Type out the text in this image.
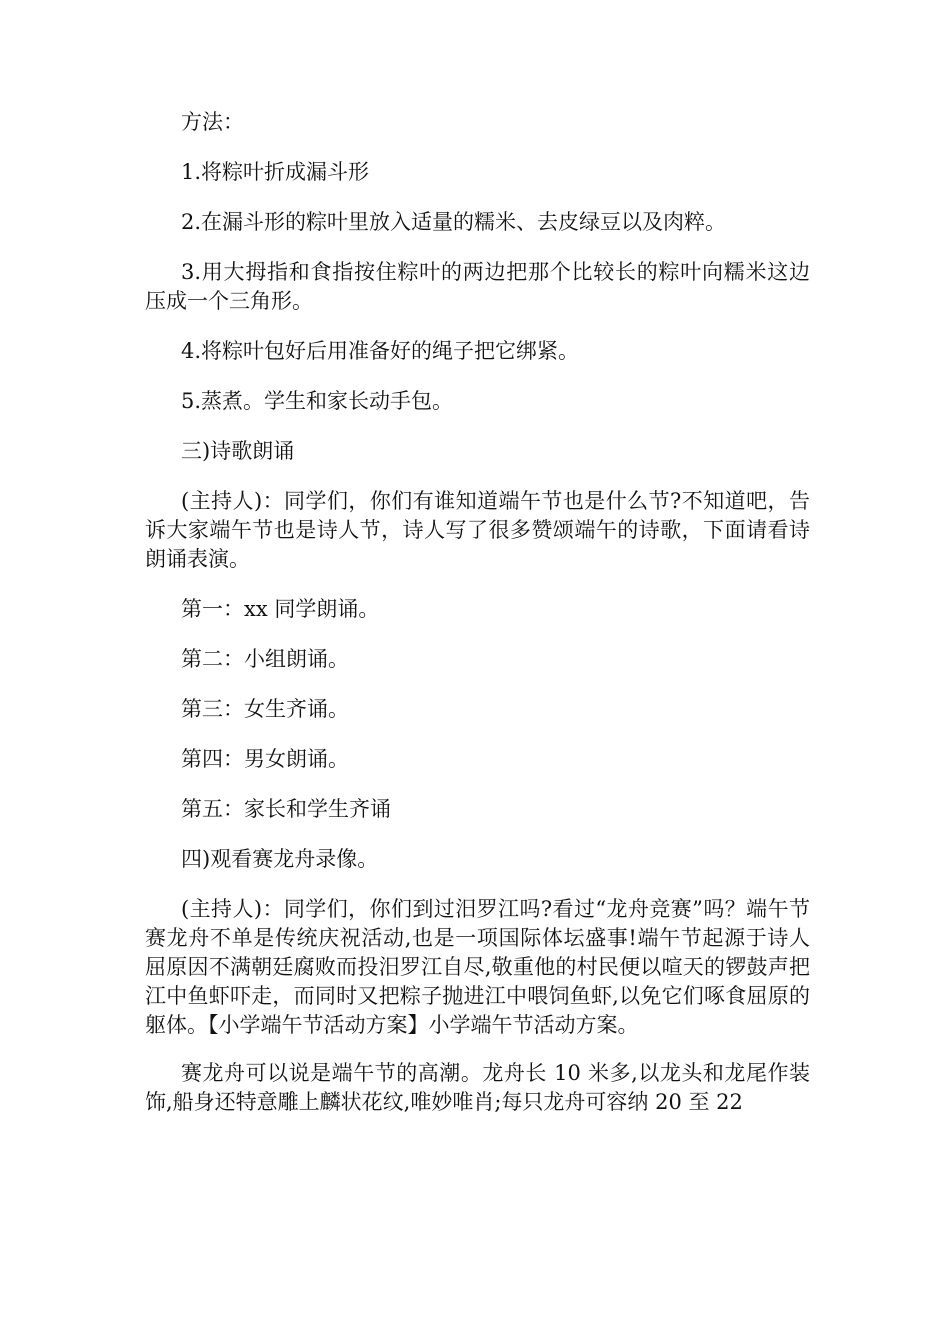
方法：

1.将粽叶折成漏斗形

2.在漏斗形的粽叶里放入适量的糯米、去皮绿豆以及肉粹。

3.用大拇指和食指按住粽叶的两边把那个比较长的粽叶向糯米这边压成一个三角形。

4.将粽叶包好后用准备好的绳子把它绑紧。

5.蒸煮。学生和家长动手包。

三)诗歌朗诵

(主持人)：同学们，你们有谁知道端午节也是什么节?不知道吧，告诉大家端午节也是诗人节，诗人写了很多赞颂端午的诗歌，下面请看诗朗诵表演。

第一：xx 同学朗诵。

第二：小组朗诵。

第三：女生齐诵。

第四：男女朗诵。

第五：家长和学生齐诵

四)观看赛龙舟录像。

(主持人)：同学们，你们到过汨罗江吗?看过“龙舟竞赛”吗？端午节赛龙舟不单是传统庆祝活动,也是一项国际体坛盛事!端午节起源于诗人屈原因不满朝廷腐败而投汨罗江自尽,敬重他的村民便以喧天的锣鼓声把江中鱼虾吓走，而同时又把粽子抛进江中喂饲鱼虾,以免它们啄食屈原的躯体。【小学端午节活动方案】小学端午节活动方案。

赛龙舟可以说是端午节的高潮。龙舟长 10 米多,以龙头和龙尾作装饰,船身还特意雕上麟状花纹,唯妙唯肖;每只龙舟可容纳 20 至 22
